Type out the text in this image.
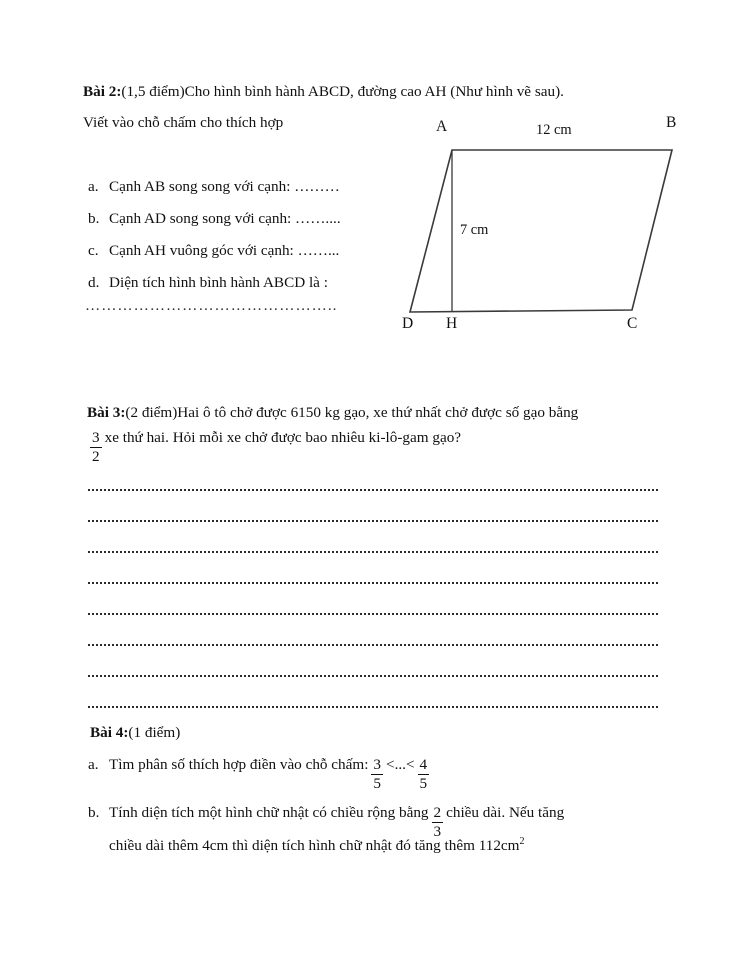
Bài 2: (1,5 điểm) Cho hình bình hành ABCD, đường cao AH (Như hình vẽ sau).
Viết vào chỗ chấm cho thích hợp
a. Cạnh AB song song với cạnh: ………
b. Cạnh AD song song với cạnh: ……....
c. Cạnh AH vuông góc với cạnh: ……...
d. Diện tích hình bình hành ABCD là :
………………………………………..
A	B
C
D H
12 cm
7 cm
Bài 3: (2 điểm) Hai ô tô chở được 6150 kg gạo, xe thứ nhất chở được số gạo bằng
$\frac{3}{2}$ xe thứ hai. Hỏi mỗi xe chở được bao nhiêu ki-lô-gam gạo?
Bài 4: (1 điểm)
a. Tìm phân số thích hợp điền vào chỗ chấm: $\frac{3}{5}$ <...< $\frac{4}{5}$
b. Tính diện tích một hình chữ nhật có chiều rộng bằng $\frac{2}{3}$ chiều dài. Nếu tăng
chiều dài thêm 4cm thì diện tích hình chữ nhật đó tăng thêm $112cm^2$
